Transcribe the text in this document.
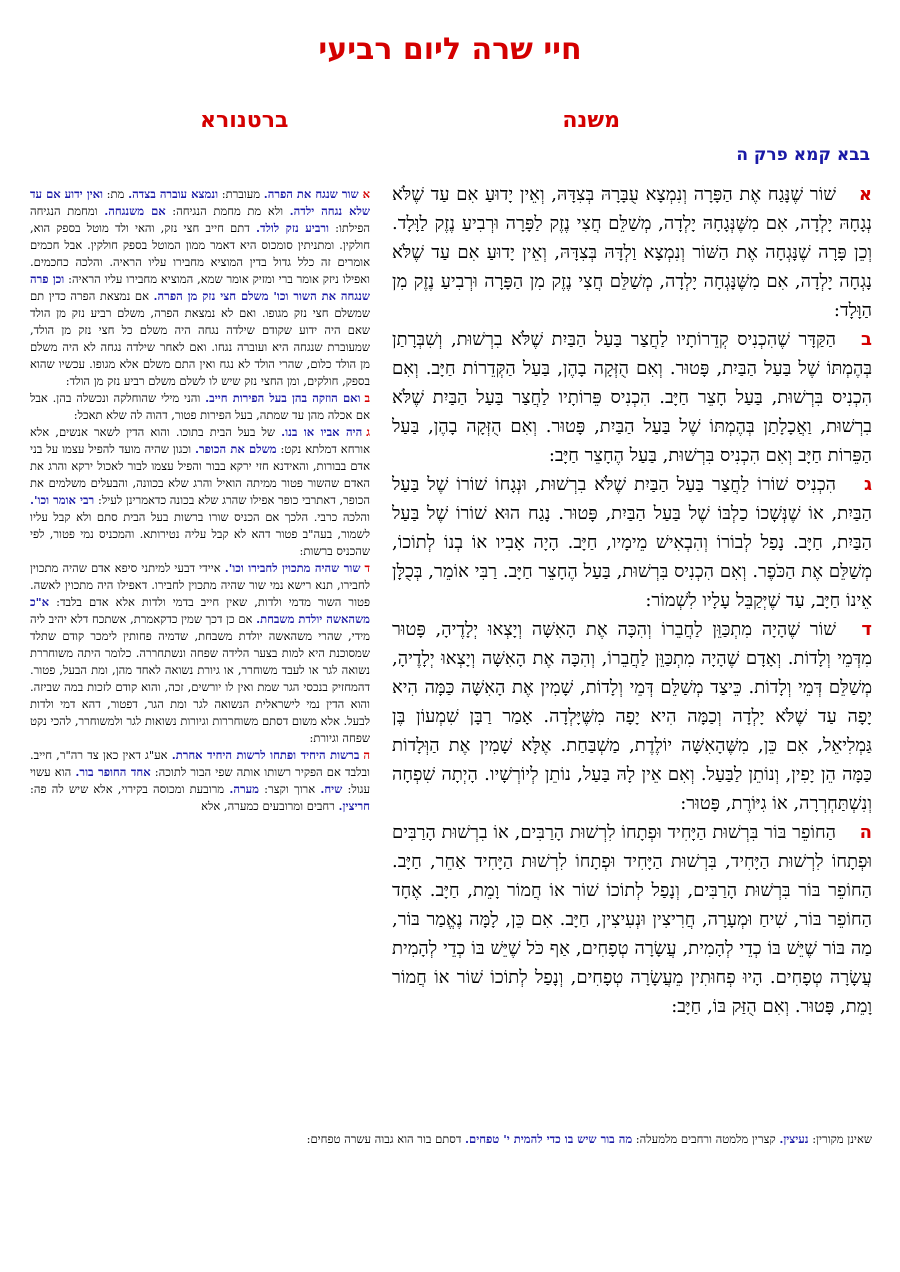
חיי שרה ליום רביעי
משנה
ברטנורא
בבא קמא פרק ה

אשׁוֹר שֶׁנָּגַח אֶת הַפָּרָה וְנִמְצָא עֻבָּרָהּ בְּצִדָּהּ, וְאֵין יָדוּעַ אִם עַד שֶׁלֹּא נְגָחָהּ יָלְדָה, אִם מִשֶּׁנְּגָחָהּ יָלְדָה, מְשַׁלֵּם חֲצִי נֶזֶק לַפָּרָה וּרְבִיעַ נֶזֶק לַוָּלָד. וְכֵן פָּרָה שֶׁנָּגְחָה אֶת הַשּׁוֹר וְנִמְצָא וַלְדָּהּ בְּצִדָּהּ, וְאֵין יָדוּעַ אִם עַד שֶׁלֹּא נָגְחָה יָלְדָה, אִם מִשֶּׁנָּגְחָה יָלְדָה, מְשַׁלֵּם חֲצִי נֶזֶק מִן הַפָּרָה וּרְבִיעַ נֶזֶק מִן הַוָּלָד:

בהַקַּדָּר שֶׁהִכְנִיס קְדֵרוֹתָיו לַחֲצַר בַּעַל הַבַּיִת שֶׁלֹּא בִרְשׁוּת, וְשִׁבְּרָתַן בְּהֶמְתּוֹ שֶׁל בַּעַל הַבַּיִת, פָּטוּר. וְאִם הֻזְּקָה בָהֶן, בַּעַל הַקְּדֵרוֹת חַיָּב. וְאִם הִכְנִיס בִּרְשׁוּת, בַּעַל חָצֵר חַיָּב. הִכְנִיס פֵּרוֹתָיו לַחֲצַר בַּעַל הַבַּיִת שֶׁלֹּא בִרְשׁוּת, וַאֲכָלָתַן בְּהֶמְתּוֹ שֶׁל בַּעַל הַבַּיִת, פָּטוּר. וְאִם הֻזְּקָה בָהֶן, בַּעַל הַפֵּרוֹת חַיָּב וְאִם הִכְנִיס בִּרְשׁוּת, בַּעַל הֶחָצֵר חַיָּב:

גהִכְנִיס שׁוֹרוֹ לַחֲצַר בַּעַל הַבַּיִת שֶׁלֹּא בִרְשׁוּת, וּנְגָחוֹ שׁוֹרוֹ שֶׁל בַּעַל הַבַּיִת, אוֹ שֶׁנְּשָׁכוֹ כַלְבּוֹ שֶׁל בַּעַל הַבַּיִת, פָּטוּר. נָגַח הוּא שׁוֹרוֹ שֶׁל בַּעַל הַבַּיִת, חַיָּב. נָפַל לְבוֹרוֹ וְהִבְאִישׁ מֵימָיו, חַיָּב. הָיָה אָבִיו אוֹ בְנוֹ לְתוֹכוֹ, מְשַׁלֵּם אֶת הַכֹּפֶר. וְאִם הִכְנִיס בִּרְשׁוּת, בַּעַל הֶחָצֵר חַיָּב. רַבִּי אוֹמֵר, בְּכֻלָּן אֵינוֹ חַיָּב, עַד שֶׁיְּקַבֵּל עָלָיו לִשְׁמוֹר:

דשׁוֹר שֶׁהָיָה מִתְכַּוֵּן לַחֲבֵרוֹ וְהִכָּה אֶת הָאִשָּׁה וְיָצְאוּ יְלָדֶיהָ, פָּטוּר מִדְּמֵי וְלָדוֹת. וְאָדָם שֶׁהָיָה מִתְכַּוֵּן לַחֲבֵרוֹ, וְהִכָּה אֶת הָאִשָּׁה וְיָצְאוּ יְלָדֶיהָ, מְשַׁלֵּם דְּמֵי וְלָדוֹת. כֵּיצַד מְשַׁלֵּם דְּמֵי וְלָדוֹת, שָׁמִין אֶת הָאִשָּׁה כַּמָּה הִיא יָפָה עַד שֶׁלֹּא יָלְדָה וְכַמָּה הִיא יָפָה מִשֶּׁיָּלְדָה. אָמַר רַבָּן שִׁמְעוֹן בֶּן גַּמְלִיאֵל, אִם כֵּן, מִשֶּׁהָאִשָּׁה יוֹלֶדֶת, מַשְׁבַּחַת. אֶלָּא שָׁמִין אֶת הַוְּלָדוֹת כַּמָּה הֵן יָפִין, וְנוֹתֵן לַבַּעַל. וְאִם אֵין לָהּ בַּעַל, נוֹתֵן לְיוֹרְשָׁיו. הָיְתָה שִׁפְחָה וְנִשְׁתַּחְרְרָה, אוֹ גִיּוֹרֶת, פָּטוּר:

ההַחוֹפֵר בּוֹר בִּרְשׁוּת הַיָּחִיד וּפְתָחוֹ לִרְשׁוּת הָרַבִּים, אוֹ בִרְשׁוּת הָרַבִּים וּפְתָחוֹ לִרְשׁוּת הַיָּחִיד, בִּרְשׁוּת הַיָּחִיד וּפְתָחוֹ לִרְשׁוּת הַיָּחִיד אַחֵר, חַיָּב. הַחוֹפֵר בּוֹר בִּרְשׁוּת הָרַבִּים, וְנָפַל לְתוֹכוֹ שׁוֹר אוֹ חֲמוֹר וָמֵת, חַיָּב. אֶחָד הַחוֹפֵר בּוֹר, שִׁיחַ וּמְעָרָה, חֲרִיצִין וּנְעִיצִין, חַיָּב. אִם כֵּן, לָמָּה נֶאֱמַר בּוֹר, מַה בּוֹר שֶׁיֵּשׁ בּוֹ כְדֵי לְהָמִית, עֲשָׂרָה טְפָחִים, אַף כֹּל שֶׁיֵּשׁ בּוֹ כְדֵי לְהָמִית עֲשָׂרָה טְפָחִים. הָיוּ פְחוּתִין מֵעֲשָׂרָה טְפָחִים, וְנָפַל לְתוֹכוֹ שׁוֹר אוֹ חֲמוֹר וָמֵת, פָּטוּר. וְאִם הֻזַּק בּוֹ, חַיָּב:

אשור שנגח את הפרה. מעוברת: ונמצא עוברה בצדה. מת: ואין ידוע אם עד שלא נגחה ילדה. ולא מת מחמת הנגיחה: אם משנגחה. ומחמת הנגיחה הפילתו: ורביע נזק לולד. דתם חייב חצי נזק, והאי ולד מוטל בספק הוא, חולקין. ומתניתין סומכוס היא דאמר ממון המוטל בספק חולקין. אבל חכמים אומרים זה כלל גדול בדין המוציא מחבירו עליו הראיה. והלכה כחכמים. ואפילו ניזק אומר ברי ומזיק אומר שמא, המוציא מחבירו עליו הראיה: וכן פרה שנגחה את השור וכו' משלם חצי נזק מן הפרה. אם נמצאת הפרה כדין תם שמשלם חצי נזק מגופו. ואם לא נמצאת הפרה, משלם רביע נזק מן הולד שאם היה ידוע שקודם שילדה נגחה היה משלם כל חצי נזק מן הולד, שמעוברת שנגחה היא ועוברה נגחו. ואם לאחר שילדה נגחה לא היה משלם מן הולד כלום, שהרי הולד לא נגח ואין התם משלם אלא מגופו. עכשיו שהוא בספק, חולקים, ומן החצי נזק שיש לו לשלם משלם רביע נזק מן הולד:

בואם הוזקה בהן בעל הפירות חייב. והני מילי שהוחלקה ונכשלה בהן. אבל אם אכלה מהן עד שמתה, בעל הפירות פטור, דהוה לה שלא תאכל:

גהיה אביו או בנו. של בעל הבית בתוכו. והוא הדין לשאר אנשים, אלא אורחא דמלתא נקט: משלם את הכופר. וכגון שהיה מועד להפיל עצמו על בני אדם בבורות, והאידנא חזי ירקא בבור והפיל עצמו לבור לאכול ירקא והרג את האדם שהשור פטור ממיתה הואיל והרג שלא בכוונה, והבעלים משלמים את הכופר, דאתרבי כופר אפילו שהרג שלא בכונה כדאמרינן לעיל: רבי אומר וכו'. והלכה כרבי. הלכך אם הכניס שורו ברשות בעל הבית סתם ולא קבל עליו לשמור, בעה"ב פטור דהא לא קבל עליה נטירותא. והמכניס נמי פטור, לפי שהכניס ברשות:

דשור שהיה מתכוין לחבירו וכו'. איידי דבעי למיתני סיפא אדם שהיה מתכוין לחבירו, תנא רישא נמי שור שהיה מתכוין לחבירו. דאפילו היה מתכוין לאשה. פטור השור מדמי ולדות, שאין חייב בדמי ולדות אלא אדם בלבד: א"כ משהאשה יולדת משבחת. אם כן דכך שמין כדקאמרת, אשתכח דלא יהיב ליה מידי, שהרי משהאשה יולדת משבחת, שדמיה פחותין לימכר קודם שתלד שמסוכנת היא למות בצער הלידה שפחה ונשתחררה. כלומר היתה משוחררת נשואה לגר או לעבד משוחרר, או גיורת נשואה לאחד מהן, ומת הבעל, פטור. דהמחזיק בנכסי הגר שמת ואין לו יורשים, זכה, והוא קודם לזכות במה שביזה. והוא הדין נמי לישראלית הנשואה לגר ומת הגר, דפטור, דהא דמי ולדות לבעל. אלא משום דסתם משוחררות וגיורות נשואות לגר ולמשוחרר, להכי נקט שפחה וגיורת:

הברשות היחיד ופתחו לרשות היחיד אחרת. אע"ג דאין כאן צד רה"ר, חייב. ובלבד אם הפקיר רשותו אותה שפי הבור לתוכה: אחד החופר בור. הוא עשוי עגול: שיח. ארוך וקצר: מערה. מרובעת ומכוסה בקירוי, אלא שיש לה פה: חריצין. רחבים ומרובעים כמערה, אלא

שאינן מקורין: נעיצין. קצרין מלמטה ורחבים מלמעלה: מה בור שיש בו כדי להמית י' טפחים. דסתם בור הוא גבוה עשרה טפחים:
